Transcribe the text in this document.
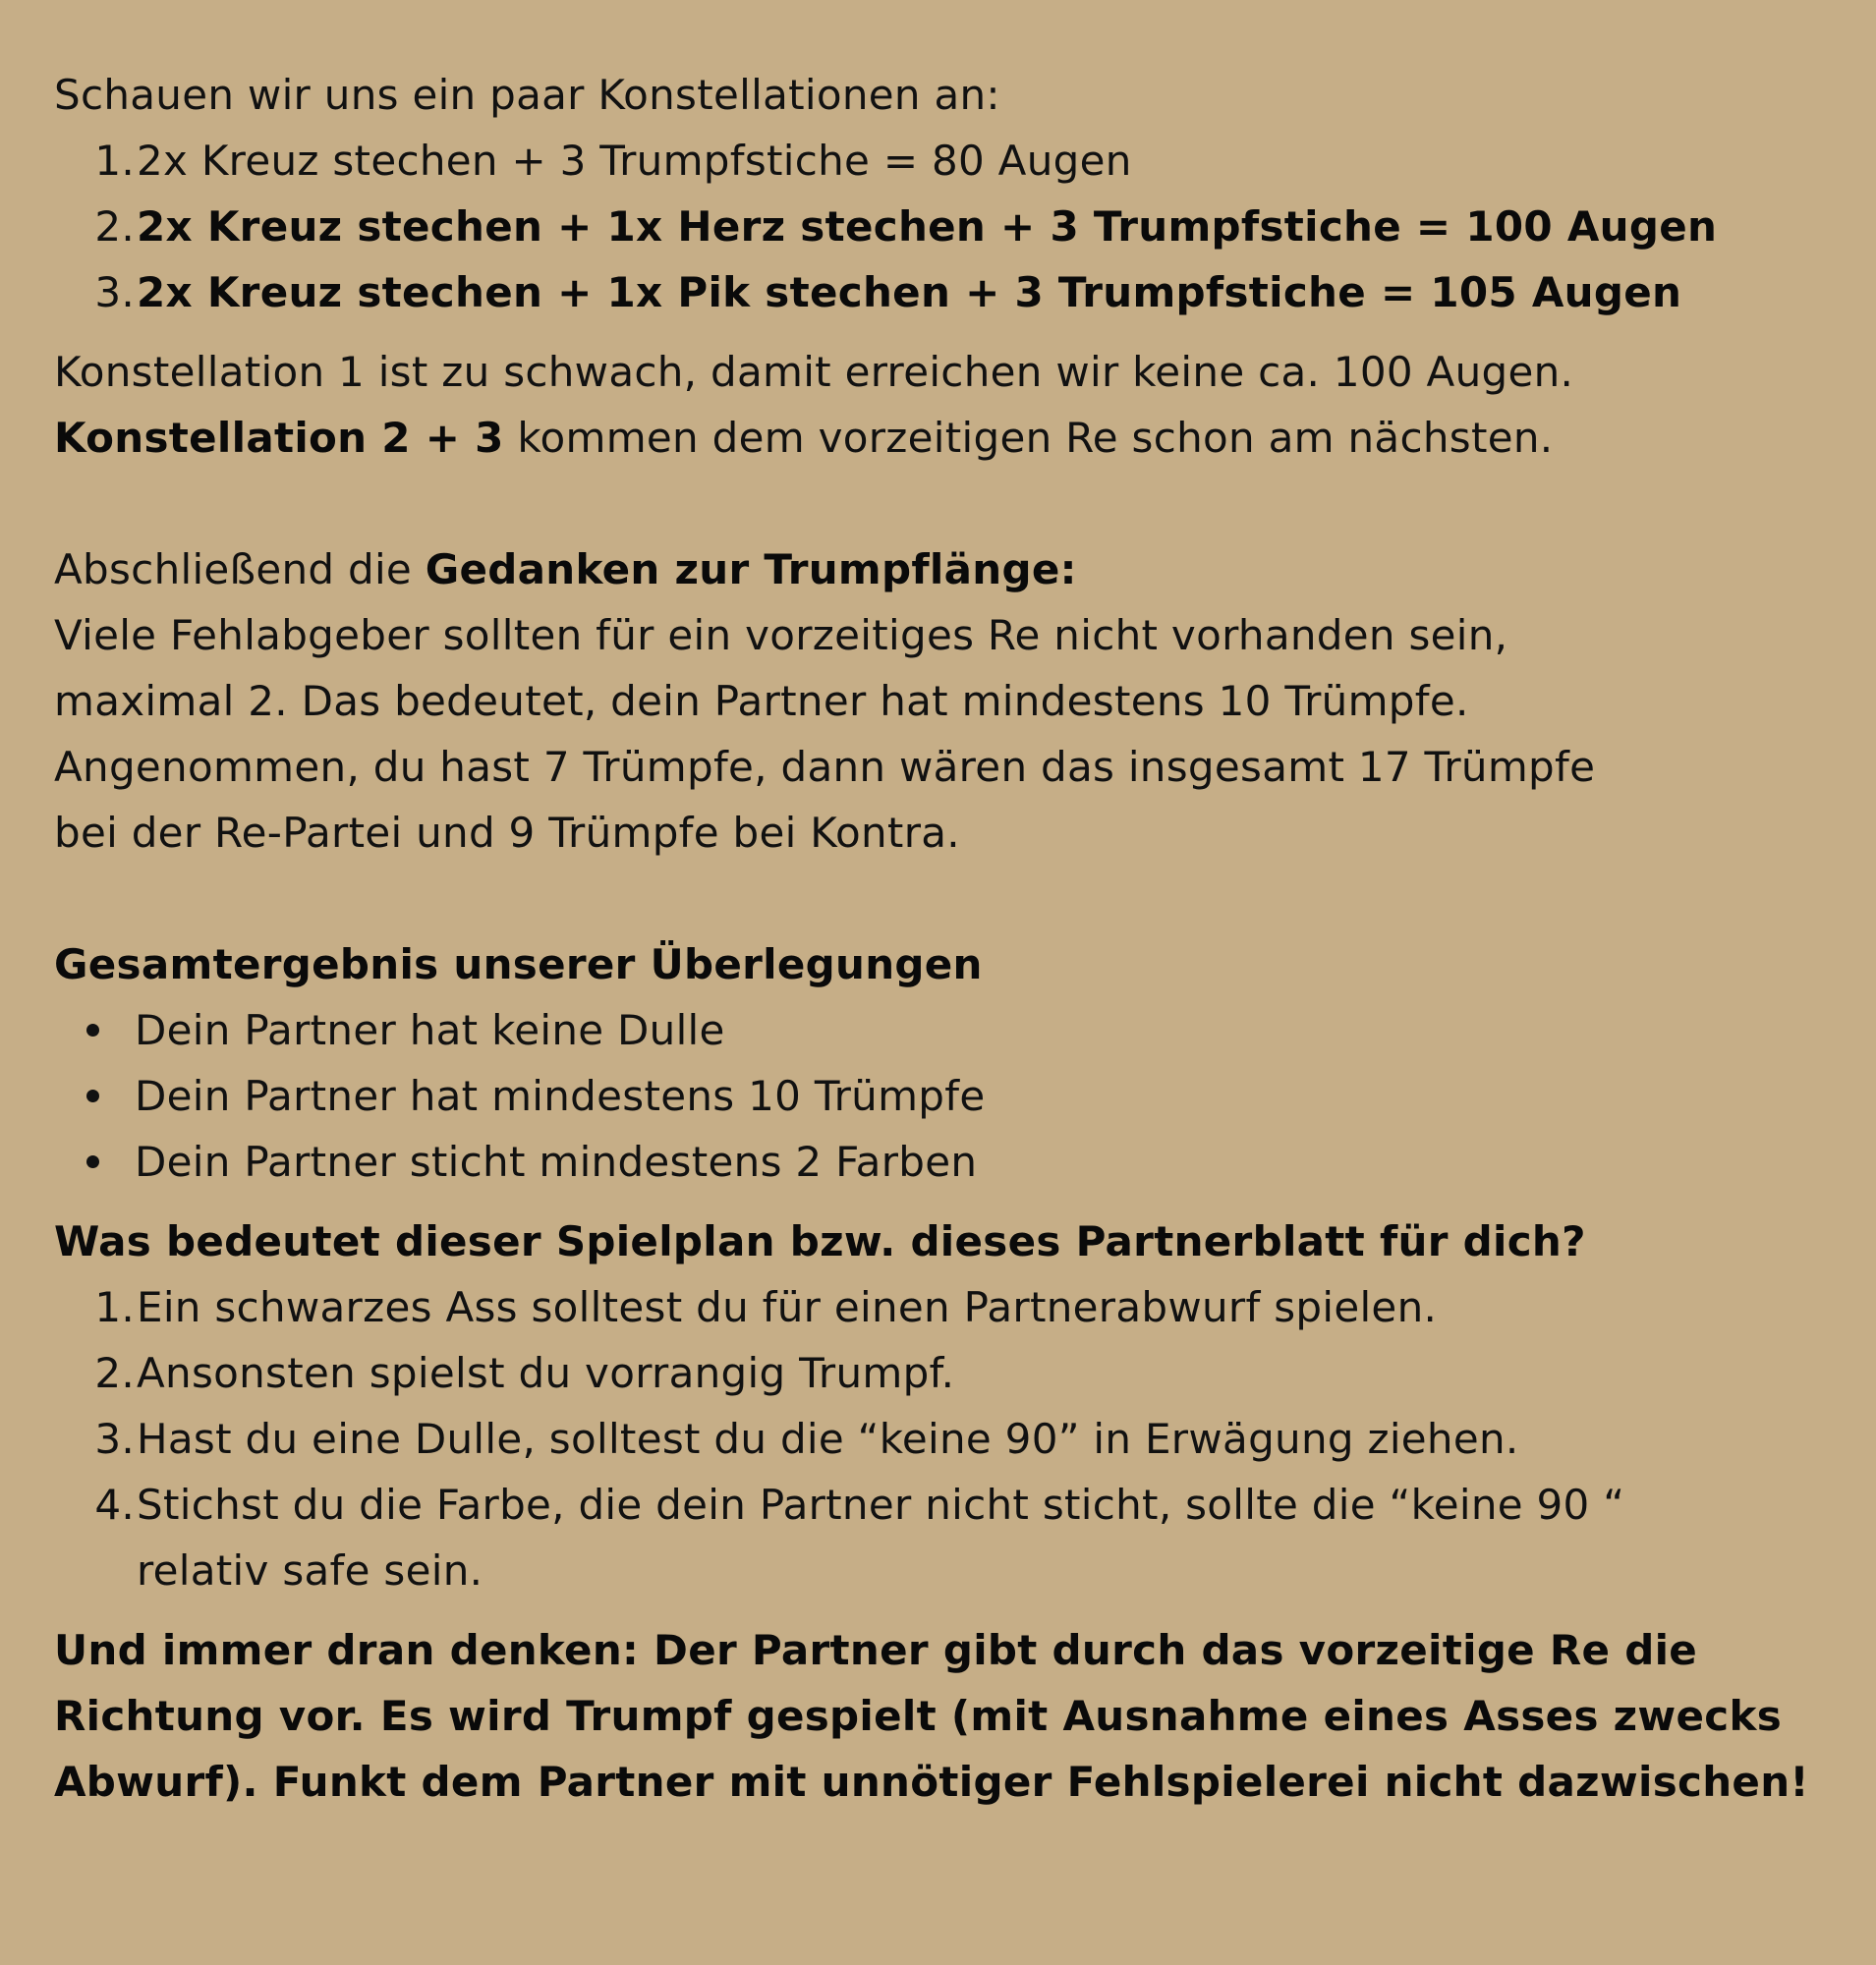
Schauen wir uns ein paar Konstellationen an:
1. 2x Kreuz stechen + 3 Trumpfstiche = 80 Augen
2. 2x Kreuz stechen + 1x Herz stechen + 3 Trumpfstiche = 100 Augen
3. 2x Kreuz stechen + 1x Pik stechen + 3 Trumpfstiche = 105 Augen
Konstellation 1 ist zu schwach, damit erreichen wir keine ca. 100 Augen.
Konstellation 2 + 3 kommen dem vorzeitigen Re schon am nächsten.
Abschließend die Gedanken zur Trumpflänge:
Viele Fehlabgeber sollten für ein vorzeitiges Re nicht vorhanden sein,
maximal 2. Das bedeutet, dein Partner hat mindestens 10 Trümpfe.
Angenommen, du hast 7 Trümpfe, dann wären das insgesamt 17 Trümpfe
bei der Re-Partei und 9 Trümpfe bei Kontra.
Gesamtergebnis unserer Überlegungen
Dein Partner hat keine Dulle
Dein Partner hat mindestens 10 Trümpfe
Dein Partner sticht mindestens 2 Farben
Was bedeutet dieser Spielplan bzw. dieses Partnerblatt für dich?
1. Ein schwarzes Ass solltest du für einen Partnerabwurf spielen.
2. Ansonsten spielst du vorrangig Trumpf.
3. Hast du eine Dulle, solltest du die “keine 90” in Erwägung ziehen.
4. Stichst du die Farbe, die dein Partner nicht sticht, sollte die “keine 90 “ relativ safe sein.
Und immer dran denken: Der Partner gibt durch das vorzeitige Re die
Richtung vor. Es wird Trumpf gespielt (mit Ausnahme eines Asses zwecks
Abwurf). Funkt dem Partner mit unnötiger Fehlspielerei nicht dazwischen!
